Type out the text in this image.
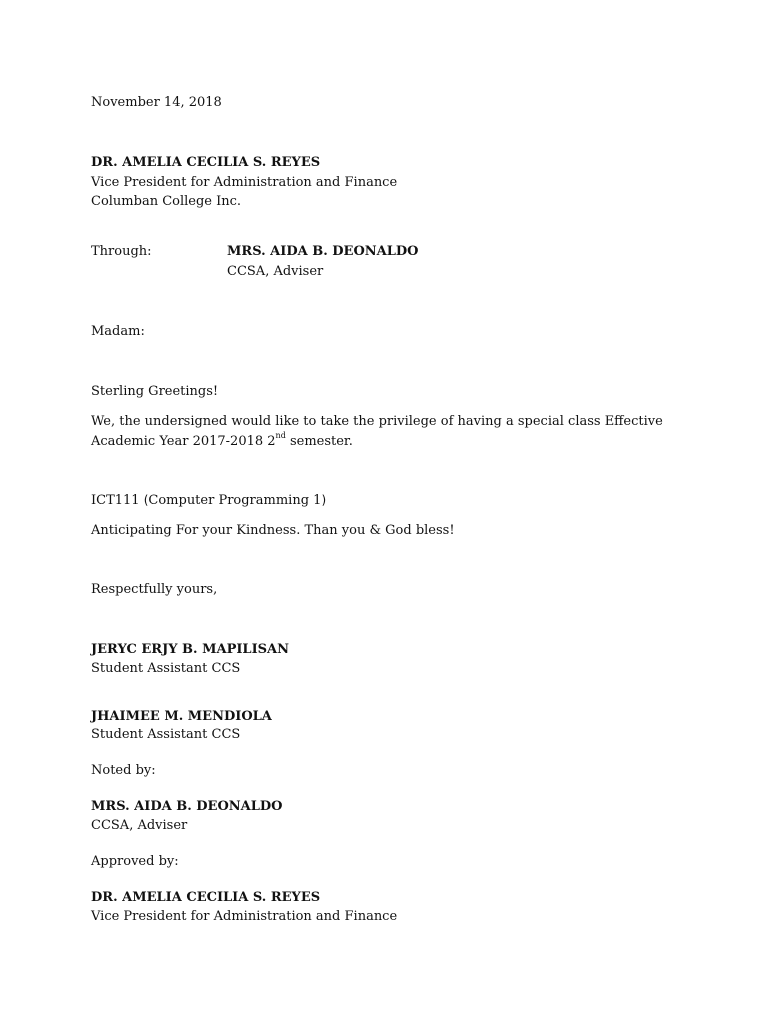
November 14, 2018
DR. AMELIA CECILIA S. REYES
Vice President for Administration and Finance
Columban College Inc.
Through:	MRS. AIDA B. DEONALDO
CCSA, Adviser
Madam:
Sterling Greetings!
We, the undersigned would like to take the privilege of having a special class Effective
Academic Year 2017-2018 2nd semester.
ICT111 (Computer Programming 1)
Anticipating For your Kindness. Than you & God bless!
Respectfully yours,
JERYC ERJY B. MAPILISAN
Student Assistant CCS
JHAIMEE M. MENDIOLA
Student Assistant CCS
Noted by:
MRS. AIDA B. DEONALDO
CCSA, Adviser
Approved by:
DR. AMELIA CECILIA S. REYES
Vice President for Administration and Finance
